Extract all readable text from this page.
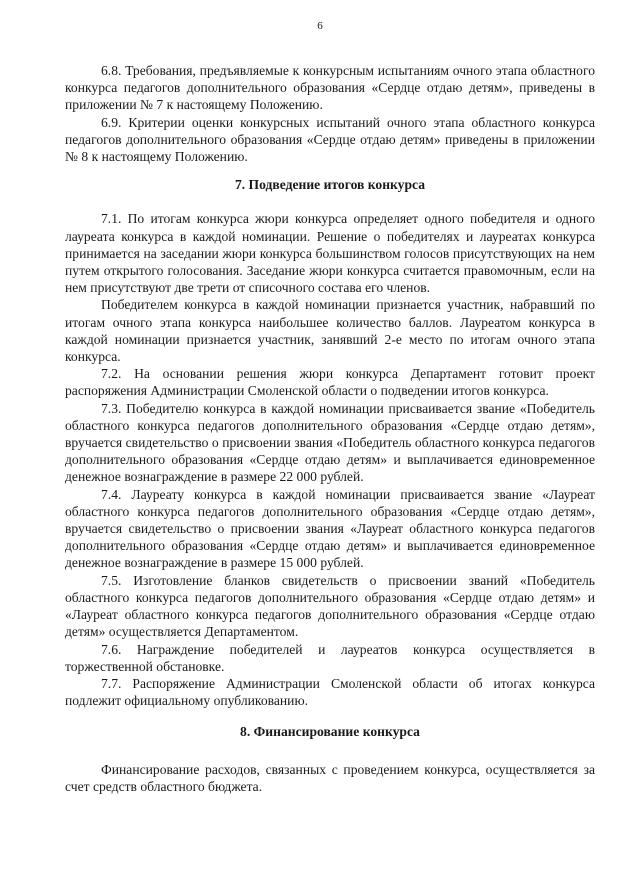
6

6.8. Требования, предъявляемые к конкурсным испытаниям очного этапа областного конкурса педагогов дополнительного образования «Сердце отдаю детям», приведены в приложении № 7 к настоящему Положению.

6.9. Критерии оценки конкурсных испытаний очного этапа областного конкурса педагогов дополнительного образования «Сердце отдаю детям» приведены в приложении № 8 к настоящему Положению.

7. Подведение итогов конкурса

7.1. По итогам конкурса жюри конкурса определяет одного победителя и одного лауреата конкурса в каждой номинации. Решение о победителях и лауреатах конкурса принимается на заседании жюри конкурса большинством голосов присутствующих на нем путем открытого голосования. Заседание жюри конкурса считается правомочным, если на нем присутствуют две трети от списочного состава его членов.

Победителем конкурса в каждой номинации признается участник, набравший по итогам очного этапа конкурса наибольшее количество баллов. Лауреатом конкурса в каждой номинации признается участник, занявший 2-е место по итогам очного этапа конкурса.

7.2. На основании решения жюри конкурса Департамент готовит проект распоряжения Администрации Смоленской области о подведении итогов конкурса.

7.3. Победителю конкурса в каждой номинации присваивается звание «Победитель областного конкурса педагогов дополнительного образования «Сердце отдаю детям», вручается свидетельство о присвоении звания «Победитель областного конкурса педагогов дополнительного образования «Сердце отдаю детям» и выплачивается единовременное денежное вознаграждение в размере 22 000 рублей.

7.4. Лауреату конкурса в каждой номинации присваивается звание «Лауреат областного конкурса педагогов дополнительного образования «Сердце отдаю детям», вручается свидетельство о присвоении звания «Лауреат областного конкурса педагогов дополнительного образования «Сердце отдаю детям» и выплачивается единовременное денежное вознаграждение в размере 15 000 рублей.

7.5. Изготовление бланков свидетельств о присвоении званий «Победитель областного конкурса педагогов дополнительного образования «Сердце отдаю детям» и «Лауреат областного конкурса педагогов дополнительного образования «Сердце отдаю детям» осуществляется Департаментом.

7.6. Награждение победителей и лауреатов конкурса осуществляется в торжественной обстановке.

7.7. Распоряжение Администрации Смоленской области об итогах конкурса подлежит официальному опубликованию.

8. Финансирование конкурса

Финансирование расходов, связанных с проведением конкурса, осуществляется за счет средств областного бюджета.
